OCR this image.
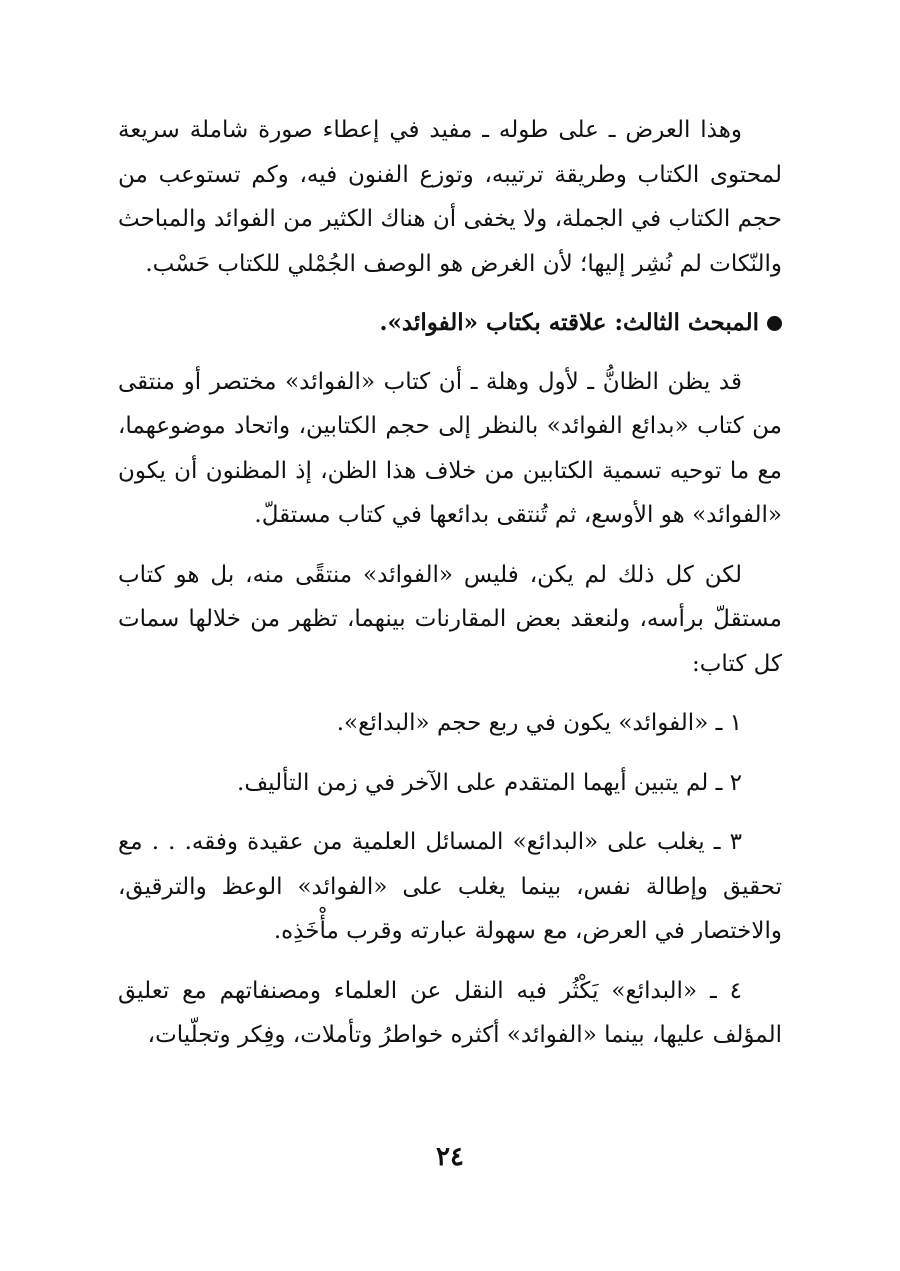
وهذا العرض ـ على طوله ـ مفيد في إعطاء صورة شاملة سريعة لمحتوى الكتاب وطريقة ترتيبه، وتوزع الفنون فيه، وكم تستوعب من حجم الكتاب في الجملة، ولا يخفى أن هناك الكثير من الفوائد والمباحث والنّكات لم نُشِر إليها؛ لأن الغرض هو الوصف الجُمْلي للكتاب حَسْب.

المبحث الثالث: علاقته بكتاب «الفوائد».

قد يظن الظانُّ ـ لأول وهلة ـ أن كتاب «الفوائد» مختصر أو منتقى من كتاب «بدائع الفوائد» بالنظر إلى حجم الكتابين، واتحاد موضوعهما، مع ما توحيه تسمية الكتابين من خلاف هذا الظن، إذ المظنون أن يكون «الفوائد» هو الأوسع، ثم تُنتقى بدائعها في كتاب مستقلّ.

لكن كل ذلك لم يكن، فليس «الفوائد» منتقًى منه، بل هو كتاب مستقلّ برأسه، ولنعقد بعض المقارنات بينهما، تظهر من خلالها سمات كل كتاب:

١ ـ «الفوائد» يكون في ربع حجم «البدائع».

٢ ـ لم يتبين أيهما المتقدم على الآخر في زمن التأليف.

٣ ـ يغلب على «البدائع» المسائل العلمية من عقيدة وفقه. . . مع تحقيق وإطالة نفس، بينما يغلب على «الفوائد» الوعظ والترقيق، والاختصار في العرض، مع سهولة عبارته وقرب مأْخَذِه.

٤ ـ «البدائع» يَكْثُر فيه النقل عن العلماء ومصنفاتهم مع تعليق المؤلف عليها، بينما «الفوائد» أكثره خواطرُ وتأملات، وفِكر وتجلّيات،

٢٤
